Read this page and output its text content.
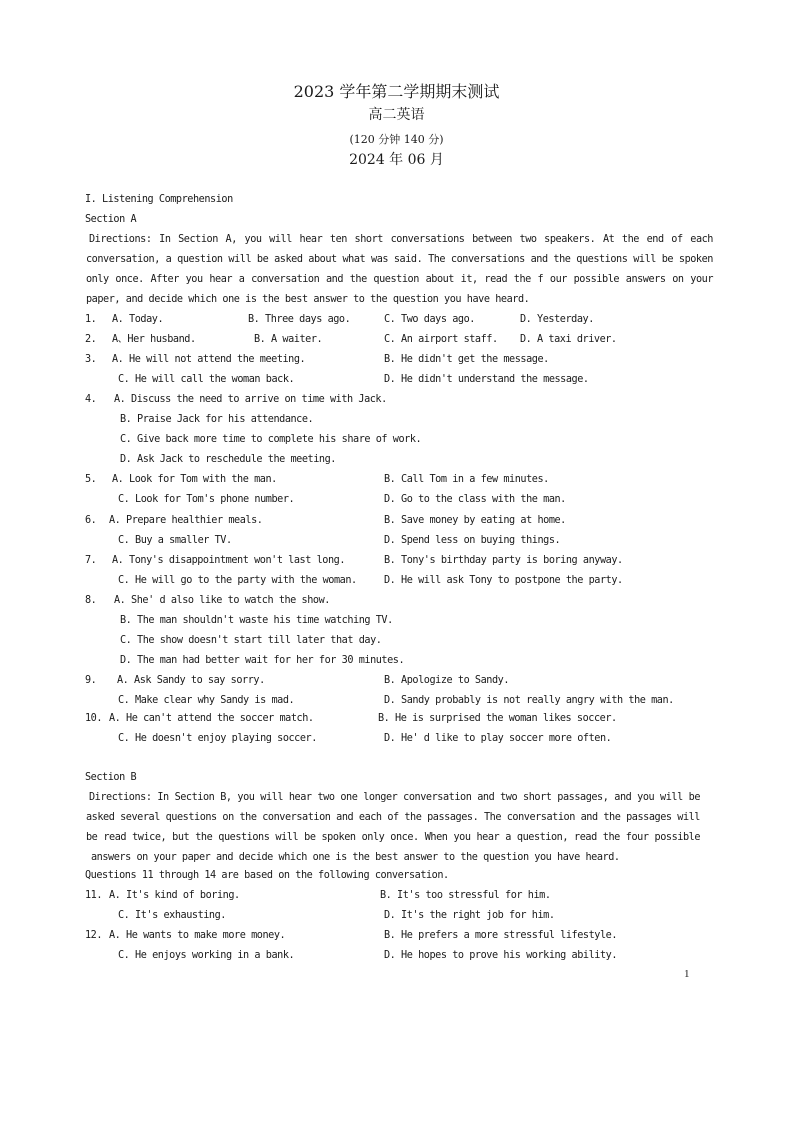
2023 学年第二学期期末测试
高二英语
(120 分钟 140 分)
2024 年 06 月
I. Listening Comprehension
Section A
Directions: In Section A, you will hear ten short conversations between two speakers. At the end of each
conversation, a question will be asked about what was said. The conversations and the questions will be spoken
only once. After you hear a conversation and the question about it, read the f our possible answers on your
paper, and decide which one is the best answer to the question you have heard.
1. A. Today.	B. Three days ago.	C. Two days ago.	D. Yesterday.
2. A、Her husband.	B. A waiter.	C. An airport staff. D. A taxi driver.
3. A. He will not attend the meeting.	B. He didn't get the message.
C. He will call the woman back.	D. He didn't understand the message.
4. A. Discuss the need to arrive on time with Jack.
B. Praise Jack for his attendance.
C. Give back more time to complete his share of work.
D. Ask Jack to reschedule the meeting.
5. A. Look for Tom with the man.	B. Call Tom in a few minutes.
C. Look for Tom's phone number.	D. Go to the class with the man.
6. A. Prepare healthier meals.	B. Save money by eating at home.
C. Buy a smaller TV.	D. Spend less on buying things.
7. A. Tony's disappointment won't last long.	B. Tony's birthday party is boring anyway.
C. He will go to the party with the woman.	D. He will ask Tony to postpone the party.
8. A. She' d also like to watch the show.
B. The man shouldn't waste his time watching TV.
C. The show doesn't start till later that day.
D. The man had better wait for her for 30 minutes.
9. A. Ask Sandy to say sorry.	B. Apologize to Sandy.
C. Make clear why Sandy is mad.	D. Sandy probably is not really angry with the man.
10. A. He can't attend the soccer match.	B. He is surprised the woman likes soccer.
C. He doesn't enjoy playing soccer.	D. He' d like to play soccer more often.
Section B
Directions: In Section B, you will hear two one longer conversation and two short passages, and you will be
asked several questions on the conversation and each of the passages. The conversation and the passages will
be read twice, but the questions will be spoken only once. When you hear a question, read the four possible
answers on your paper and decide which one is the best answer to the question you have heard.
Questions 11 through 14 are based on the following conversation.
11. A. It's kind of boring.	B. It's too stressful for him.
C. It's exhausting.	D. It's the right job for him.
12. A. He wants to make more money.	B. He prefers a more stressful lifestyle.
C. He enjoys working in a bank.	D. He hopes to prove his working ability.
1
